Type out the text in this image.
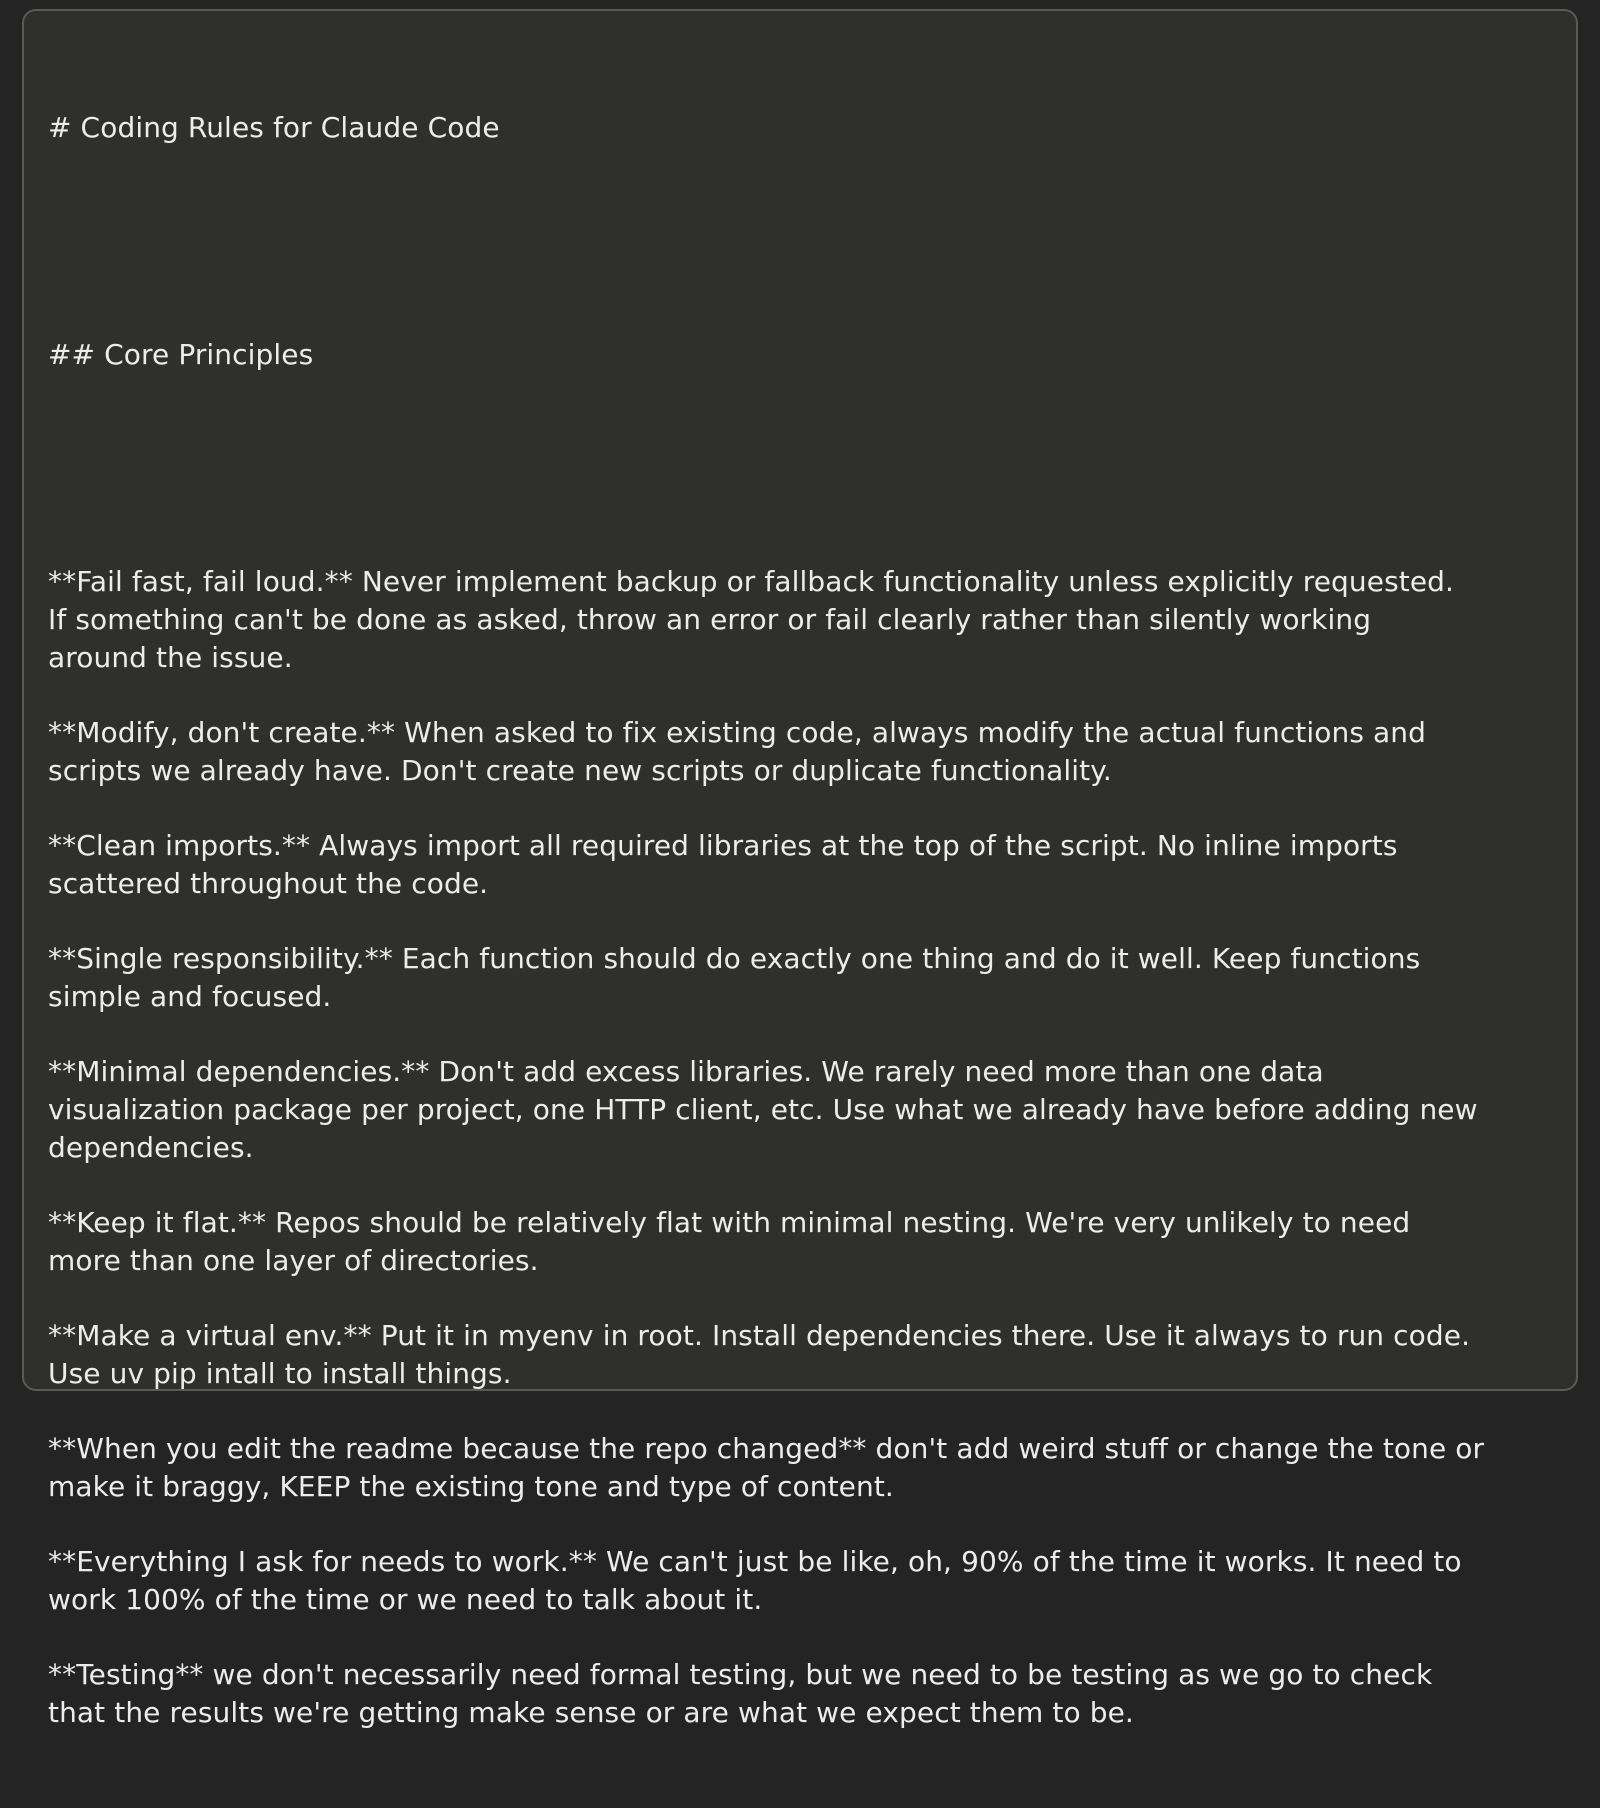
# Coding Rules for Claude Code

## Core Principles

**Fail fast, fail loud.** Never implement backup or fallback functionality unless explicitly requested.
If something can't be done as asked, throw an error or fail clearly rather than silently working
around the issue.
**Modify, don't create.** When asked to fix existing code, always modify the actual functions and
scripts we already have. Don't create new scripts or duplicate functionality.
**Clean imports.** Always import all required libraries at the top of the script. No inline imports
scattered throughout the code.
**Single responsibility.** Each function should do exactly one thing and do it well. Keep functions
simple and focused.
**Minimal dependencies.** Don't add excess libraries. We rarely need more than one data
visualization package per project, one HTTP client, etc. Use what we already have before adding new
dependencies.
**Keep it flat.** Repos should be relatively flat with minimal nesting. We're very unlikely to need
more than one layer of directories.
**Make a virtual env.** Put it in myenv in root. Install dependencies there. Use it always to run code.
Use uv pip intall to install things.
**When you edit the readme because the repo changed** don't add weird stuff or change the tone or
make it braggy, KEEP the existing tone and type of content.
**Everything I ask for needs to work.** We can't just be like, oh, 90% of the time it works. It need to
work 100% of the time or we need to talk about it.
**Testing** we don't necessarily need formal testing, but we need to be testing as we go to check
that the results we're getting make sense or are what we expect them to be.
